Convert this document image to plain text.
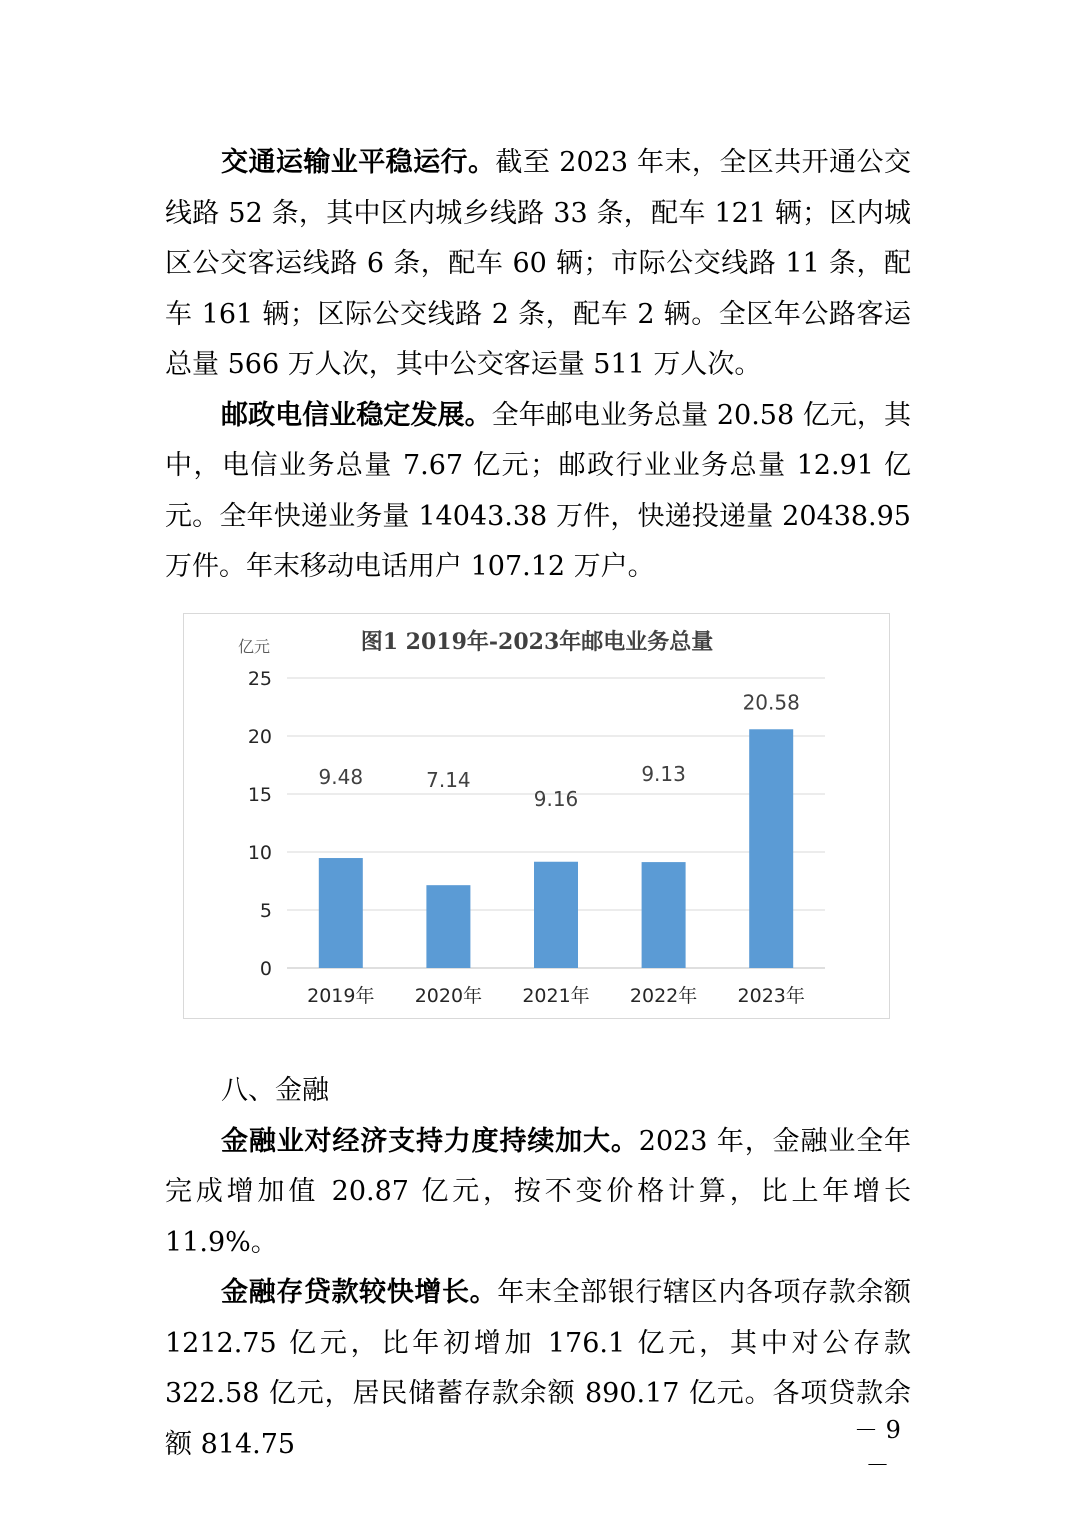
交通运输业平稳运行。截至 2023 年末，全区共开通公交线路 52 条，其中区内城乡线路 33 条，配车 121 辆；区内城区公交客运线路 6 条，配车 60 辆；市际公交线路 11 条，配车 161 辆；区际公交线路 2 条，配车 2 辆。全区年公路客运总量 566 万人次，其中公交客运量 511 万人次。

邮政电信业稳定发展。全年邮电业务总量 20.58 亿元，其中，电信业务总量 7.67 亿元；邮政行业业务总量 12.91 亿元。全年快递业务量 14043.38 万件，快递投递量 20438.95 万件。年末移动电话用户 107.12 万户。

图1 2019年-2023年邮电业务总量
亿元
0
5
10
15
20
25
9.48	7.14
9.16
9.13
20.58
2019年 2020年 2021年 2022年 2023年

八、金融

金融业对经济支持力度持续加大。2023 年，金融业全年完成增加值 20.87 亿元，按不变价格计算，比上年增长 11.9%。

金融存贷款较快增长。年末全部银行辖区内各项存款余额 1212.75 亿元，比年初增加 176.1 亿元，其中对公存款 322.58 亿元，居民储蓄存款余额 890.17 亿元。各项贷款余额 814.75	－ 9 －
